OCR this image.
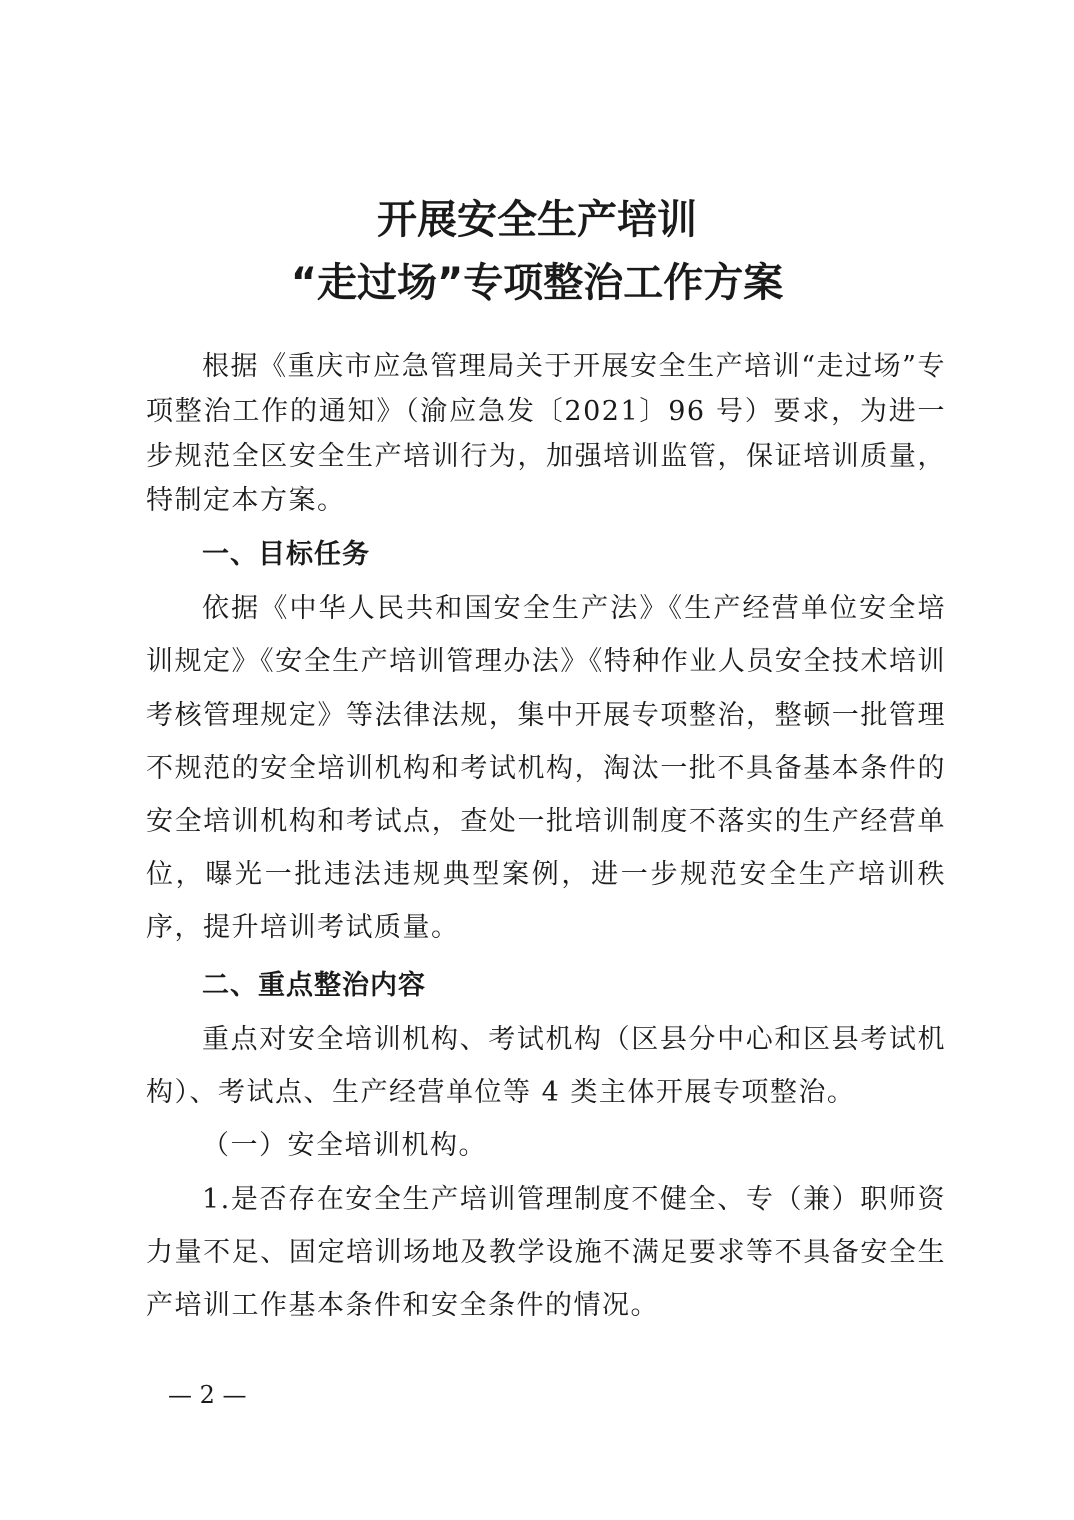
开展安全生产培训
“走过场”专项整治工作方案

根据《重庆市应急管理局关于开展安全生产培训“走过场”专项整治工作的通知》（渝应急发〔2021〕96 号）要求，为进一步规范全区安全生产培训行为，加强培训监管，保证培训质量，特制定本方案。

一、目标任务

依据《中华人民共和国安全生产法》《生产经营单位安全培训规定》《安全生产培训管理办法》《特种作业人员安全技术培训考核管理规定》等法律法规，集中开展专项整治，整顿一批管理不规范的安全培训机构和考试机构，淘汰一批不具备基本条件的安全培训机构和考试点，查处一批培训制度不落实的生产经营单位，曝光一批违法违规典型案例，进一步规范安全生产培训秩序，提升培训考试质量。

二、重点整治内容

重点对安全培训机构、考试机构（区县分中心和区县考试机构）、考试点、生产经营单位等 4 类主体开展专项整治。

（一）安全培训机构。

1.是否存在安全生产培训管理制度不健全、专（兼）职师资力量不足、固定培训场地及教学设施不满足要求等不具备安全生产培训工作基本条件和安全条件的情况。

— 2 —
